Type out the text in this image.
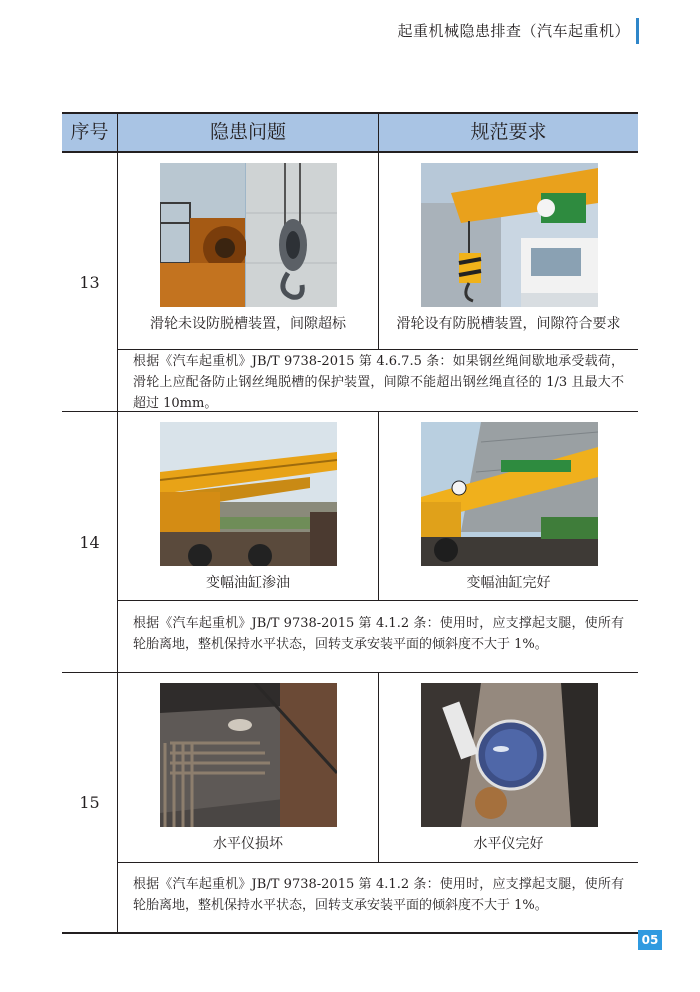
起重机械隐患排查（汽车起重机）
序号	隐患问题	规范要求
13
滑轮未设防脱槽装置，间隙超标	滑轮设有防脱槽装置，间隙符合要求
根据《汽车起重机》JB/T 9738-2015 第 4.6.7.5 条：如果钢丝绳间歇地承受载荷，滑轮上应配备防止钢丝绳脱槽的保护装置，间隙不能超出钢丝绳直径的 1/3 且最大不超过 10mm。
14
变幅油缸渗油	变幅油缸完好
根据《汽车起重机》JB/T 9738-2015 第 4.1.2 条：使用时，应支撑起支腿，使所有轮胎离地，整机保持水平状态，回转支承安装平面的倾斜度不大于 1%。
15
水平仪损坏	水平仪完好
根据《汽车起重机》JB/T 9738-2015 第 4.1.2 条：使用时，应支撑起支腿，使所有轮胎离地，整机保持水平状态，回转支承安装平面的倾斜度不大于 1%。
05
